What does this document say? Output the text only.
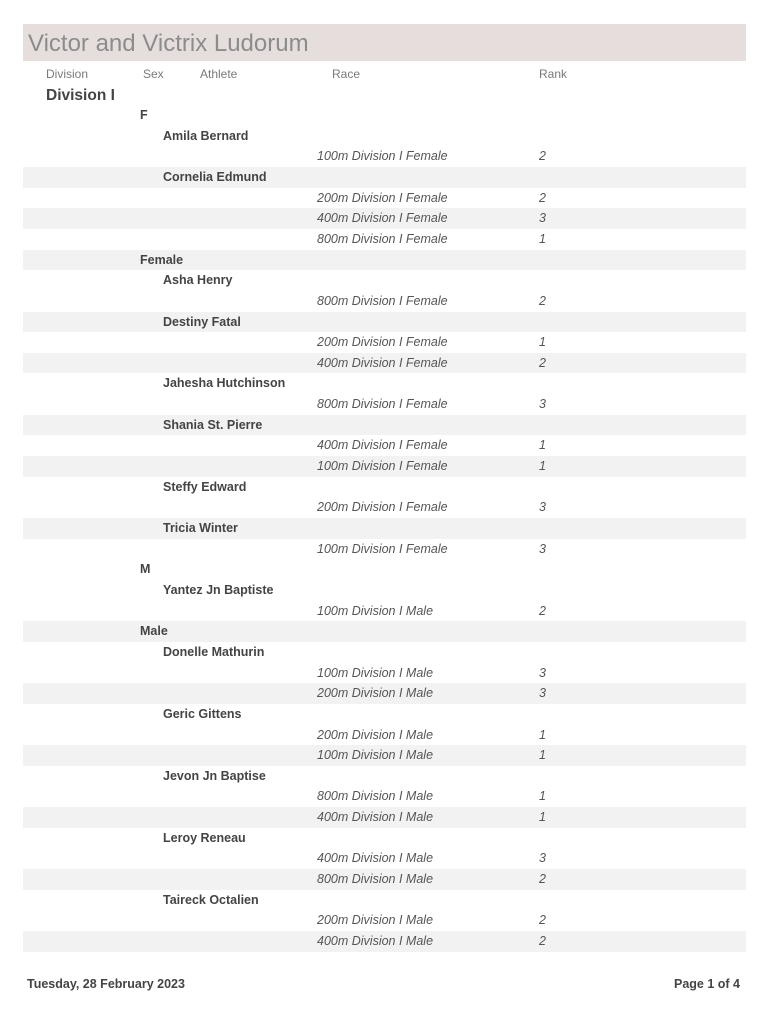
Victor and Victrix Ludorum
Division	Sex	Athlete	Race	Rank
Division I
F
Amila Bernard
100m Division I Female	2
Cornelia Edmund
200m Division I Female	2
400m Division I Female	3
800m Division I Female	1
Female
Asha Henry
800m Division I Female	2
Destiny Fatal
200m Division I Female	1
400m Division I Female	2
Jahesha Hutchinson
800m Division I Female	3
Shania St. Pierre
400m Division I Female	1
100m Division I Female	1
Steffy Edward
200m Division I Female	3
Tricia Winter
100m Division I Female	3
M
Yantez Jn Baptiste
100m Division I Male	2
Male
Donelle Mathurin
100m Division I Male	3
200m Division I Male	3
Geric Gittens
200m Division I Male	1
100m Division I Male	1
Jevon Jn Baptise
800m Division I Male	1
400m Division I Male	1
Leroy Reneau
400m Division I Male	3
800m Division I Male	2
Taireck Octalien
200m Division I Male	2
400m Division I Male	2
Tuesday, 28 February 2023	Page 1 of 4
